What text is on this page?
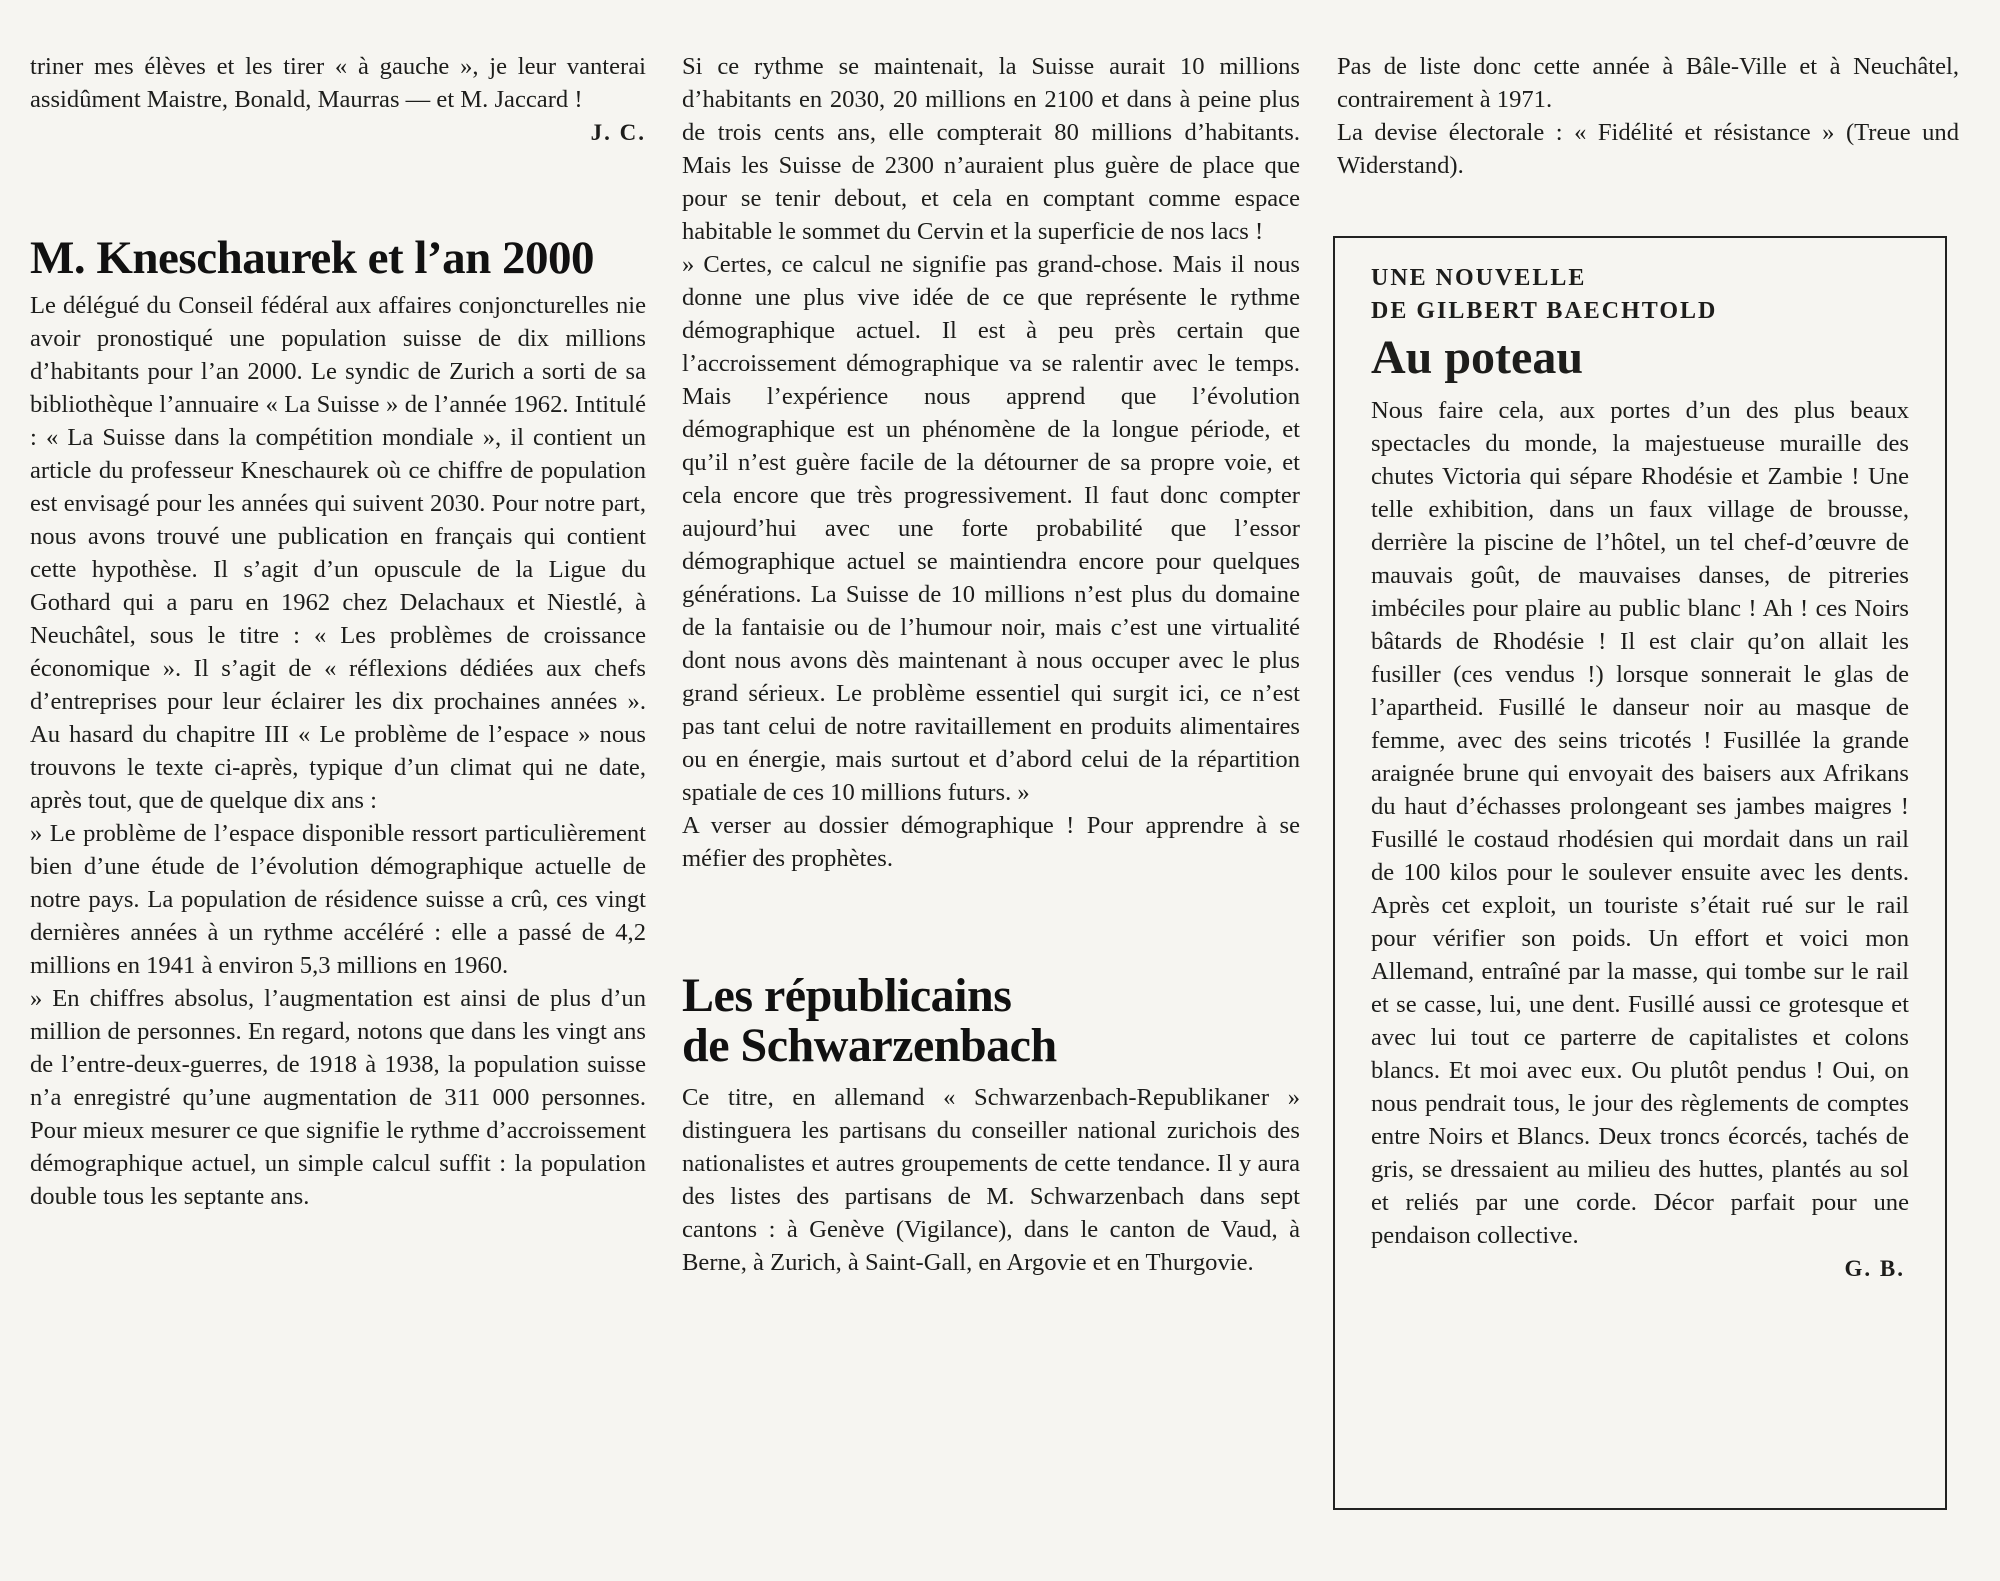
triner mes élèves et les tirer « à gauche », je leur vanterai assidûment Maistre, Bonald, Maurras — et M. Jaccard !

J. C.
M. Kneschaurek et l’an 2000

Le délégué du Conseil fédéral aux affaires conjoncturelles nie avoir pronostiqué une population suisse de dix millions d’habitants pour l’an 2000. Le syndic de Zurich a sorti de sa bibliothèque l’annuaire « La Suisse » de l’année 1962. Intitulé : « La Suisse dans la compétition mondiale », il contient un article du professeur Kneschaurek où ce chiffre de population est envisagé pour les années qui suivent 2030. Pour notre part, nous avons trouvé une publication en français qui contient cette hypothèse. Il s’agit d’un opuscule de la Ligue du Gothard qui a paru en 1962 chez Delachaux et Niestlé, à Neuchâtel, sous le titre : « Les problèmes de croissance économique ». Il s’agit de « réflexions dédiées aux chefs d’entreprises pour leur éclairer les dix prochaines années ». Au hasard du chapitre III « Le problème de l’espace » nous trouvons le texte ci-après, typique d’un climat qui ne date, après tout, que de quelque dix ans :

» Le problème de l’espace disponible ressort particulièrement bien d’une étude de l’évolution démographique actuelle de notre pays. La population de résidence suisse a crû, ces vingt dernières années à un rythme accéléré : elle a passé de 4,2 millions en 1941 à environ 5,3 millions en 1960.

» En chiffres absolus, l’augmentation est ainsi de plus d’un million de personnes. En regard, notons que dans les vingt ans de l’entre-deux-guerres, de 1918 à 1938, la population suisse n’a enregistré qu’une augmentation de 311 000 personnes. Pour mieux mesurer ce que signifie le rythme d’accroissement démographique actuel, un simple calcul suffit : la population double tous les septante ans.

Si ce rythme se maintenait, la Suisse aurait 10 millions d’habitants en 2030, 20 millions en 2100 et dans à peine plus de trois cents ans, elle compterait 80 millions d’habitants. Mais les Suisse de 2300 n’auraient plus guère de place que pour se tenir debout, et cela en comptant comme espace habitable le sommet du Cervin et la superficie de nos lacs !

» Certes, ce calcul ne signifie pas grand-chose. Mais il nous donne une plus vive idée de ce que représente le rythme démographique actuel. Il est à peu près certain que l’accroissement démographique va se ralentir avec le temps. Mais l’expérience nous apprend que l’évolution démographique est un phénomène de la longue période, et qu’il n’est guère facile de la détourner de sa propre voie, et cela encore que très progressivement. Il faut donc compter aujourd’hui avec une forte probabilité que l’essor démographique actuel se maintiendra encore pour quelques générations. La Suisse de 10 millions n’est plus du domaine de la fantaisie ou de l’humour noir, mais c’est une virtualité dont nous avons dès maintenant à nous occuper avec le plus grand sérieux. Le problème essentiel qui surgit ici, ce n’est pas tant celui de notre ravitaillement en produits alimentaires ou en énergie, mais surtout et d’abord celui de la répartition spatiale de ces 10 millions futurs. »

A verser au dossier démographique ! Pour apprendre à se méfier des prophètes.

Les républicains
de Schwarzenbach

Ce titre, en allemand « Schwarzenbach-Republikaner » distinguera les partisans du conseiller national zurichois des nationalistes et autres groupements de cette tendance. Il y aura des listes des partisans de M. Schwarzenbach dans sept cantons : à Genève (Vigilance), dans le canton de Vaud, à Berne, à Zurich, à Saint-Gall, en Argovie et en Thurgovie.

Pas de liste donc cette année à Bâle-Ville et à Neuchâtel, contrairement à 1971.

La devise électorale : « Fidélité et résistance » (Treue und Widerstand).

UNE NOUVELLE
DE GILBERT BAECHTOLD
Au poteau

Nous faire cela, aux portes d’un des plus beaux spectacles du monde, la majestueuse muraille des chutes Victoria qui sépare Rhodésie et Zambie ! Une telle exhibition, dans un faux village de brousse, derrière la piscine de l’hôtel, un tel chef-d’œuvre de mauvais goût, de mauvaises danses, de pitreries imbéciles pour plaire au public blanc ! Ah ! ces Noirs bâtards de Rhodésie ! Il est clair qu’on allait les fusiller (ces vendus !) lorsque sonnerait le glas de l’apartheid. Fusillé le danseur noir au masque de femme, avec des seins tricotés ! Fusillée la grande araignée brune qui envoyait des baisers aux Afrikans du haut d’échasses prolongeant ses jambes maigres ! Fusillé le costaud rhodésien qui mordait dans un rail de 100 kilos pour le soulever ensuite avec les dents. Après cet exploit, un touriste s’était rué sur le rail pour vérifier son poids. Un effort et voici mon Allemand, entraîné par la masse, qui tombe sur le rail et se casse, lui, une dent. Fusillé aussi ce grotesque et avec lui tout ce parterre de capitalistes et colons blancs. Et moi avec eux. Ou plutôt pendus ! Oui, on nous pendrait tous, le jour des règlements de comptes entre Noirs et Blancs. Deux troncs écorcés, tachés de gris, se dressaient au milieu des huttes, plantés au sol et reliés par une corde. Décor parfait pour une pendaison collective.

G. B.
